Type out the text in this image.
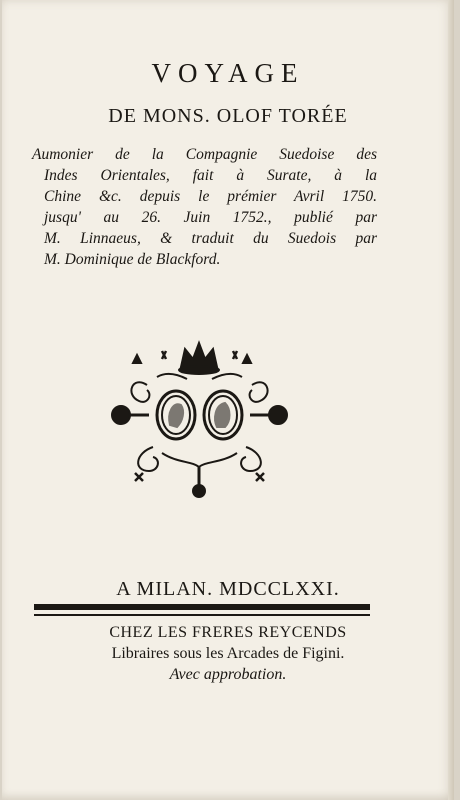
VOYAGE
DE MONS. OLOF TORÉE
Aumonier de la Compagnie Suedoise des
Indes Orientales, fait à Surate, à la
Chine &c. depuis le prémier Avril 1750.
jusqu' au 26. Juin 1752., publié par
M. Linnaeus, & traduit du Suedois par
M. Dominique de Blackford.
A MILAN. MDCCLXXI.
CHEZ LES FRERES REYCENDS
Libraires sous les Arcades de Figini.
Avec approbation.
